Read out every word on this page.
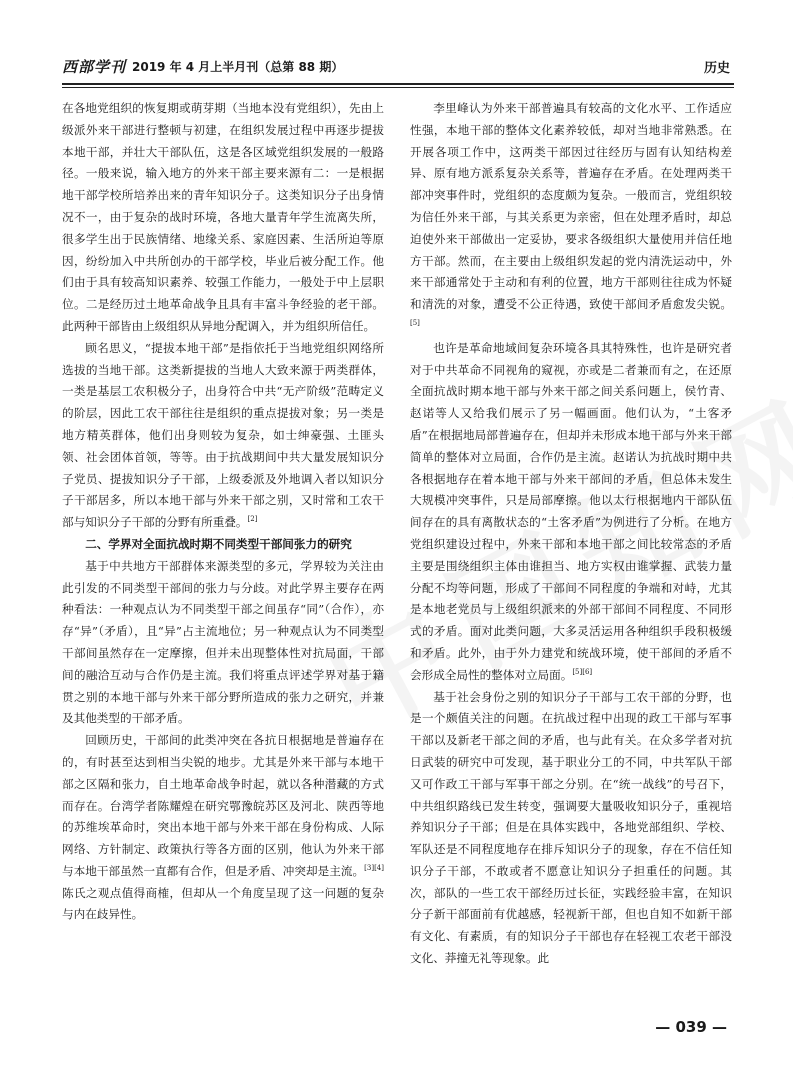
西部学刊 2019 年 4 月上半月刊（总第 88 期）	历史

在各地党组织的恢复期或萌芽期（当地本没有党组织），先由上级派外来干部进行整顿与初建，在组织发展过程中再逐步提拔本地干部，并壮大干部队伍，这是各区域党组织发展的一般路径。一般来说，输入地方的外来干部主要来源有二：一是根据地干部学校所培养出来的青年知识分子。这类知识分子出身情况不一，由于复杂的战时环境，各地大量青年学生流离失所，很多学生出于民族情绪、地缘关系、家庭因素、生活所迫等原因，纷纷加入中共所创办的干部学校，毕业后被分配工作。他们由于具有较高知识素养、较强工作能力，一般处于中上层职位。二是经历过土地革命战争且具有丰富斗争经验的老干部。此两种干部皆由上级组织从异地分配调入，并为组织所信任。

顾名思义，“提拔本地干部”是指依托于当地党组织网络所选拔的当地干部。这类新提拔的当地人大致来源于两类群体，一类是基层工农积极分子，出身符合中共“无产阶级”范畴定义的阶层，因此工农干部往往是组织的重点提拔对象；另一类是地方精英群体，他们出身则较为复杂，如士绅豪强、土匪头领、社会团体首领，等等。由于抗战期间中共大量发展知识分子党员、提拔知识分子干部，上级委派及外地调入者以知识分子干部居多，所以本地干部与外来干部之别，又时常和工农干部与知识分子干部的分野有所重叠。[2]

二、学界对全面抗战时期不同类型干部间张力的研究

基于中共地方干部群体来源类型的多元，学界较为关注由此引发的不同类型干部间的张力与分歧。对此学界主要存在两种看法：一种观点认为不同类型干部之间虽存“同”（合作），亦存“异”（矛盾），且“异”占主流地位；另一种观点认为不同类型干部间虽然存在一定摩擦，但并未出现整体性对抗局面，干部间的融洽互动与合作仍是主流。我们将重点评述学界对基于籍贯之别的本地干部与外来干部分野所造成的张力之研究，并兼及其他类型的干部矛盾。

回顾历史，干部间的此类冲突在各抗日根据地是普遍存在的，有时甚至达到相当尖锐的地步。尤其是外来干部与本地干部之区隔和张力，自土地革命战争时起，就以各种潜藏的方式而存在。台湾学者陈耀煌在研究鄂豫皖苏区及河北、陕西等地的苏维埃革命时，突出本地干部与外来干部在身份构成、人际网络、方针制定、政策执行等各方面的区别，他认为外来干部与本地干部虽然一直都有合作，但是矛盾、冲突却是主流。[3][4]陈氏之观点值得商榷，但却从一个角度呈现了这一问题的复杂与内在歧异性。

李里峰认为外来干部普遍具有较高的文化水平、工作适应性强，本地干部的整体文化素养较低，却对当地非常熟悉。在开展各项工作中，这两类干部因过往经历与固有认知结构差异、原有地方派系复杂关系等，普遍存在矛盾。在处理两类干部冲突事件时，党组织的态度颇为复杂。一般而言，党组织较为信任外来干部，与其关系更为亲密，但在处理矛盾时，却总迫使外来干部做出一定妥协，要求各级组织大量使用并信任地方干部。然而，在主要由上级组织发起的党内清洗运动中，外来干部通常处于主动和有利的位置，地方干部则往往成为怀疑和清洗的对象，遭受不公正待遇，致使干部间矛盾愈发尖锐。[5]

也许是革命地域间复杂环境各具其特殊性，也许是研究者对于中共革命不同视角的窥视，亦或是二者兼而有之，在还原全面抗战时期本地干部与外来干部之间关系问题上，侯竹青、赵诺等人又给我们展示了另一幅画面。他们认为，“土客矛盾”在根据地局部普遍存在，但却并未形成本地干部与外来干部简单的整体对立局面，合作仍是主流。赵诺认为抗战时期中共各根据地存在着本地干部与外来干部间的矛盾，但总体未发生大规模冲突事件，只是局部摩擦。他以太行根据地内干部队伍间存在的具有离散状态的“土客矛盾”为例进行了分析。在地方党组织建设过程中，外来干部和本地干部之间比较常态的矛盾主要是围绕组织主体由谁担当、地方实权由谁掌握、武装力量分配不均等问题，形成了干部间不同程度的争端和对峙，尤其是本地老党员与上级组织派来的外部干部间不同程度、不同形式的矛盾。面对此类问题，大多灵活运用各种组织手段积极缓和矛盾。此外，由于外力建党和统战环境，使干部间的矛盾不会形成全局性的整体对立局面。[5][6]

基于社会身份之别的知识分子干部与工农干部的分野，也是一个颇值关注的问题。在抗战过程中出现的政工干部与军事干部以及新老干部之间的矛盾，也与此有关。在众多学者对抗日武装的研究中可发现，基于职业分工的不同，中共军队干部又可作政工干部与军事干部之分别。在“统一战线”的号召下，中共组织路线已发生转变，强调要大量吸收知识分子，重视培养知识分子干部；但是在具体实践中，各地党部组织、学校、军队还是不同程度地存在排斥知识分子的现象，存在不信任知识分子干部，不敢或者不愿意让知识分子担重任的问题。其次，部队的一些工农干部经历过长征，实践经验丰富，在知识分子新干部面前有优越感，轻视新干部，但也自知不如新干部有文化、有素质，有的知识分子干部也存在轻视工农老干部没文化、莽撞无礼等现象。此

— 039 —
